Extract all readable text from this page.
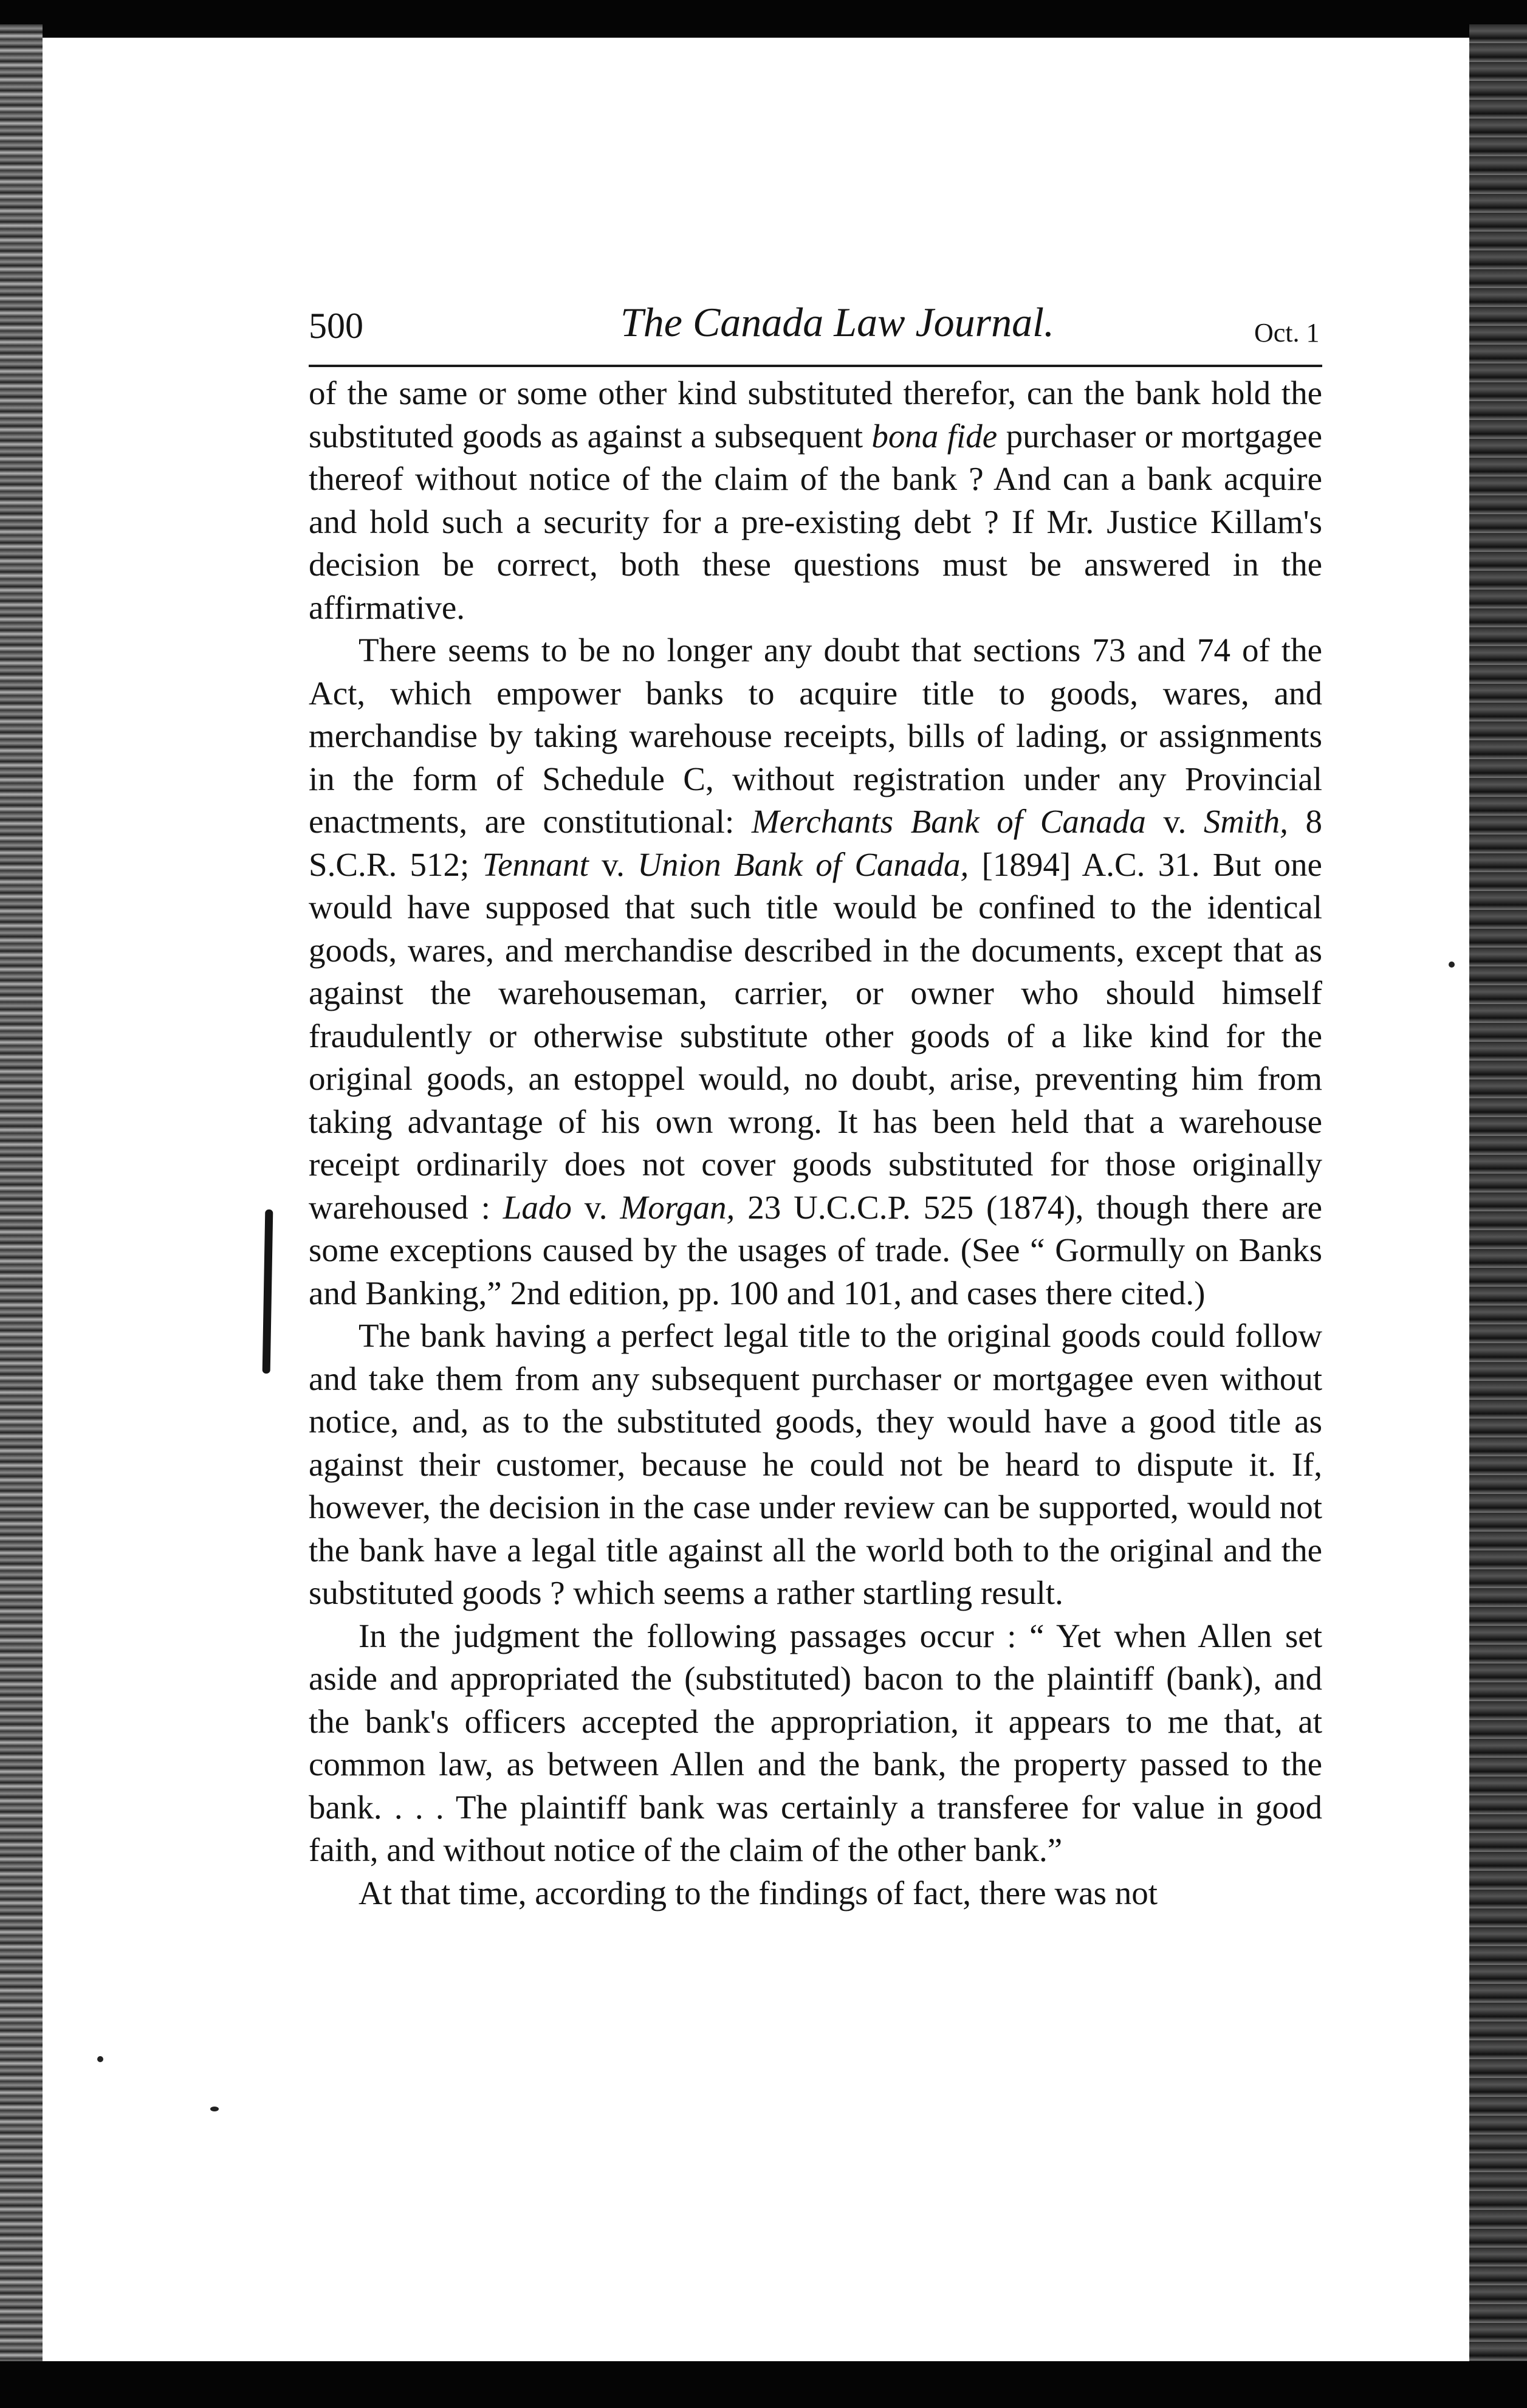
500	The Canada Law Journal.	Oct. 1

of the same or some other kind substituted therefor, can the bank hold the substituted goods as against a subsequent bona fide purchaser or mortgagee thereof without notice of the claim of the bank ? And can a bank acquire and hold such a security for a pre-existing debt ? If Mr. Justice Killam's decision be correct, both these questions must be answered in the affirmative.

There seems to be no longer any doubt that sections 73 and 74 of the Act, which empower banks to acquire title to goods, wares, and merchandise by taking warehouse receipts, bills of lading, or assignments in the form of Schedule C, without registration under any Provincial enactments, are constitutional: Merchants Bank of Canada v. Smith, 8 S.C.R. 512; Tennant v. Union Bank of Canada, [1894] A.C. 31. But one would have supposed that such title would be confined to the identical goods, wares, and merchandise described in the documents, except that as against the warehouseman, carrier, or owner who should himself fraudulently or otherwise substitute other goods of a like kind for the original goods, an estoppel would, no doubt, arise, preventing him from taking advantage of his own wrong. It has been held that a warehouse receipt ordinarily does not cover goods substituted for those originally warehoused : Lado v. Morgan, 23 U.C.C.P. 525 (1874), though there are some exceptions caused by the usages of trade. (See “ Gormully on Banks and Banking,” 2nd edition, pp. 100 and 101, and cases there cited.)

The bank having a perfect legal title to the original goods could follow and take them from any subsequent purchaser or mortgagee even without notice, and, as to the substituted goods, they would have a good title as against their customer, because he could not be heard to dispute it. If, however, the decision in the case under review can be supported, would not the bank have a legal title against all the world both to the original and the substituted goods ? which seems a rather startling result.

In the judgment the following passages occur : “ Yet when Allen set aside and appropriated the (substituted) bacon to the plaintiff (bank), and the bank's officers accepted the appropriation, it appears to me that, at common law, as between Allen and the bank, the property passed to the bank. . . . The plaintiff bank was certainly a transferee for value in good faith, and without notice of the claim of the other bank.”

At that time, according to the findings of fact, there was not
